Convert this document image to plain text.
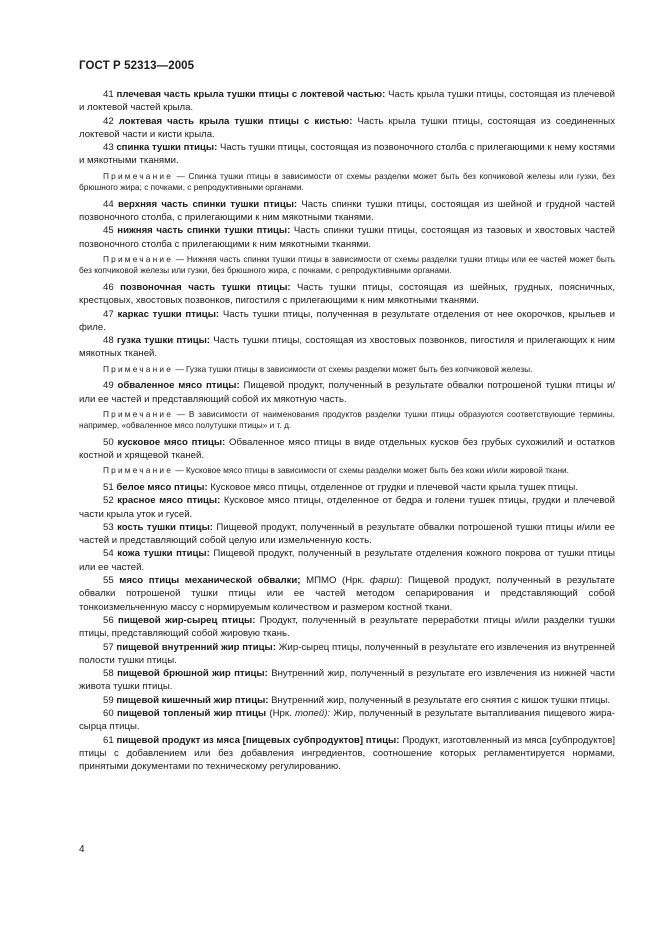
ГОСТ Р 52313—2005

41 плечевая часть крыла тушки птицы с локтевой частью: Часть крыла тушки птицы, состоящая из плечевой и локтевой частей крыла.

42 локтевая часть крыла тушки птицы с кистью: Часть крыла тушки птицы, состоящая из соединенных локтевой части и кисти крыла.

43 спинка тушки птицы: Часть тушки птицы, состоящая из позвоночного столба с прилегающими к нему костями и мякотными тканями.

Примечание — Спинка тушки птицы в зависимости от схемы разделки может быть без копчиковой железы или гузки, без брюшного жира; с почками, с репродуктивными органами.

44 верхняя часть спинки тушки птицы: Часть спинки тушки птицы, состоящая из шейной и грудной частей позвоночного столба, с прилегающими к ним мякотными тканями.

45 нижняя часть спинки тушки птицы: Часть спинки тушки птицы, состоящая из тазовых и хвостовых частей позвоночного столба с прилегающими к ним мякотными тканями.

Примечание — Нижняя часть спинки тушки птицы в зависимости от схемы разделки тушки птицы или ее частей может быть без копчиковой железы или гузки, без брюшного жира, с почками, с репродуктивными органами.

46 позвоночная часть тушки птицы: Часть тушки птицы, состоящая из шейных, грудных, поясничных, крестцовых, хвостовых позвонков, пигостиля с прилегающими к ним мякотными тканями.

47 каркас тушки птицы: Часть тушки птицы, полученная в результате отделения от нее окорочков, крыльев и филе.

48 гузка тушки птицы: Часть тушки птицы, состоящая из хвостовых позвонков, пигостиля и прилегающих к ним мякотных тканей.

Примечание — Гузка тушки птицы в зависимости от схемы разделки может быть без копчиковой железы.

49 обваленное мясо птицы: Пищевой продукт, полученный в результате обвалки потрошеной тушки птицы и/или ее частей и представляющий собой их мякотную часть.

Примечание — В зависимости от наименования продуктов разделки тушки птицы образуются соответствующие термины, например, «обваленное мясо полутушки птицы» и т. д.

50 кусковое мясо птицы: Обваленное мясо птицы в виде отдельных кусков без грубых сухожилий и остатков костной и хрящевой тканей.

Примечание — Кусковое мясо птицы в зависимости от схемы разделки может быть без кожи и/или жировой ткани.

51 белое мясо птицы: Кусковое мясо птицы, отделенное от грудки и плечевой части крыла тушек птицы.

52 красное мясо птицы: Кусковое мясо птицы, отделенное от бедра и голени тушек птицы, грудки и плечевой части крыла уток и гусей.

53 кость тушки птицы: Пищевой продукт, полученный в результате обвалки потрошеной тушки птицы и/или ее частей и представляющий собой целую или измельченную кость.

54 кожа тушки птицы: Пищевой продукт, полученный в результате отделения кожного покрова от тушки птицы или ее частей.

55 мясо птицы механической обвалки; МПМО (Нрк. фарш): Пищевой продукт, полученный в результате обвалки потрошеной тушки птицы или ее частей методом сепарирования и представляющий собой тонкоизмельченную массу с нормируемым количеством и размером костной ткани.

56 пищевой жир-сырец птицы: Продукт, полученный в результате переработки птицы и/или разделки тушки птицы, представляющий собой жировую ткань.

57 пищевой внутренний жир птицы: Жир-сырец птицы, полученный в результате его извлечения из внутренней полости тушки птицы.

58 пищевой брюшной жир птицы: Внутренний жир, полученный в результате его извлечения из нижней части живота тушки птицы.

59 пищевой кишечный жир птицы: Внутренний жир, полученный в результате его снятия с кишок тушки птицы.

60 пищевой топленый жир птицы (Нрк. топей): Жир, полученный в результате вытапливания пищевого жира-сырца птицы.

61 пищевой продукт из мяса [пищевых субпродуктов] птицы: Продукт, изготовленный из мяса [субпродуктов] птицы с добавлением или без добавления ингредиентов, соотношение которых регламентируется нормами, принятыми документами по техническому регулированию.

4
